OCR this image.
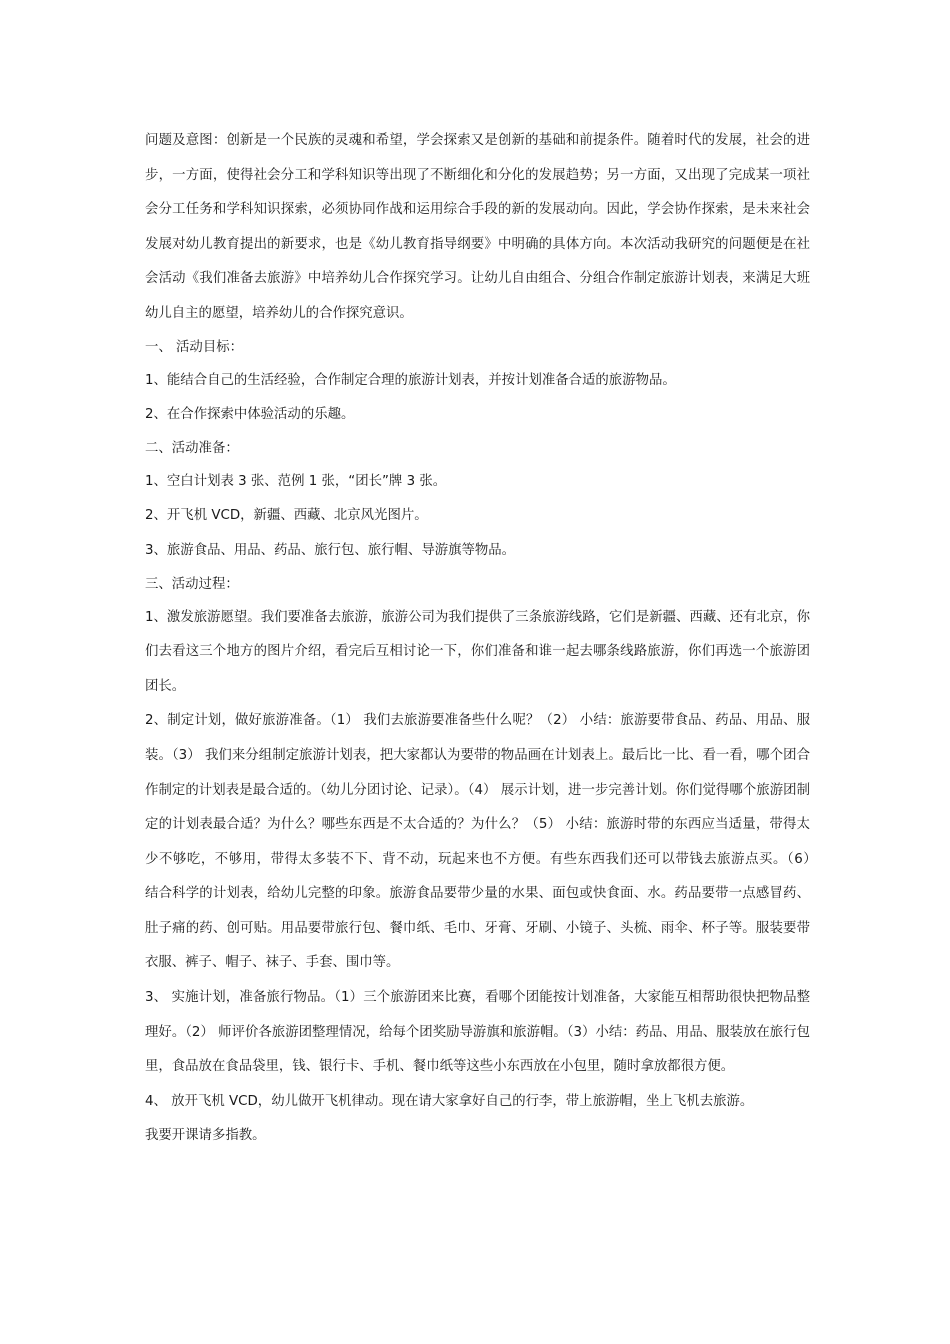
问题及意图：创新是一个民族的灵魂和希望，学会探索又是创新的基础和前提条件。随着时代的发展，社会的进步，一方面，使得社会分工和学科知识等出现了不断细化和分化的发展趋势；另一方面，又出现了完成某一项社会分工任务和学科知识探索，必须协同作战和运用综合手段的新的发展动向。因此，学会协作探索，是未来社会发展对幼儿教育提出的新要求，也是《幼儿教育指导纲要》中明确的具体方向。本次活动我研究的问题便是在社会活动《我们准备去旅游》中培养幼儿合作探究学习。让幼儿自由组合、分组合作制定旅游计划表，来满足大班幼儿自主的愿望，培养幼儿的合作探究意识。

一、 活动目标：

1、能结合自己的生活经验，合作制定合理的旅游计划表，并按计划准备合适的旅游物品。

2、在合作探索中体验活动的乐趣。

二、活动准备：

1、空白计划表 3 张、范例 1 张，“团长”牌 3 张。

2、开飞机 VCD，新疆、西藏、北京风光图片。

3、旅游食品、用品、药品、旅行包、旅行帽、导游旗等物品。

三、活动过程：

1、激发旅游愿望。我们要准备去旅游，旅游公司为我们提供了三条旅游线路，它们是新疆、西藏、还有北京，你们去看这三个地方的图片介绍，看完后互相讨论一下，你们准备和谁一起去哪条线路旅游，你们再选一个旅游团团长。

2、制定计划，做好旅游准备。（1） 我们去旅游要准备些什么呢？（2） 小结：旅游要带食品、药品、用品、服装。（3） 我们来分组制定旅游计划表，把大家都认为要带的物品画在计划表上。最后比一比、看一看，哪个团合作制定的计划表是最合适的。（幼儿分团讨论、记录）。（4） 展示计划，进一步完善计划。你们觉得哪个旅游团制定的计划表最合适？为什么？哪些东西是不太合适的？为什么？（5） 小结：旅游时带的东西应当适量，带得太少不够吃，不够用，带得太多装不下、背不动，玩起来也不方便。有些东西我们还可以带钱去旅游点买。（6）　　结合科学的计划表，给幼儿完整的印象。旅游食品要带少量的水果、面包或快食面、水。药品要带一点感冒药、肚子痛的药、创可贴。用品要带旅行包、餐巾纸、毛巾、牙膏、牙刷、小镜子、头梳、雨伞、杯子等。服装要带衣服、裤子、帽子、袜子、手套、围巾等。

3、 实施计划，准备旅行物品。（1）三个旅游团来比赛，看哪个团能按计划准备，大家能互相帮助很快把物品整理好。（2） 师评价各旅游团整理情况，给每个团奖励导游旗和旅游帽。（3）小结：药品、用品、服装放在旅行包里，食品放在食品袋里，钱、银行卡、手机、餐巾纸等这些小东西放在小包里，随时拿放都很方便。

4、 放开飞机 VCD，幼儿做开飞机律动。现在请大家拿好自己的行李，带上旅游帽，坐上飞机去旅游。

我要开课请多指教。
